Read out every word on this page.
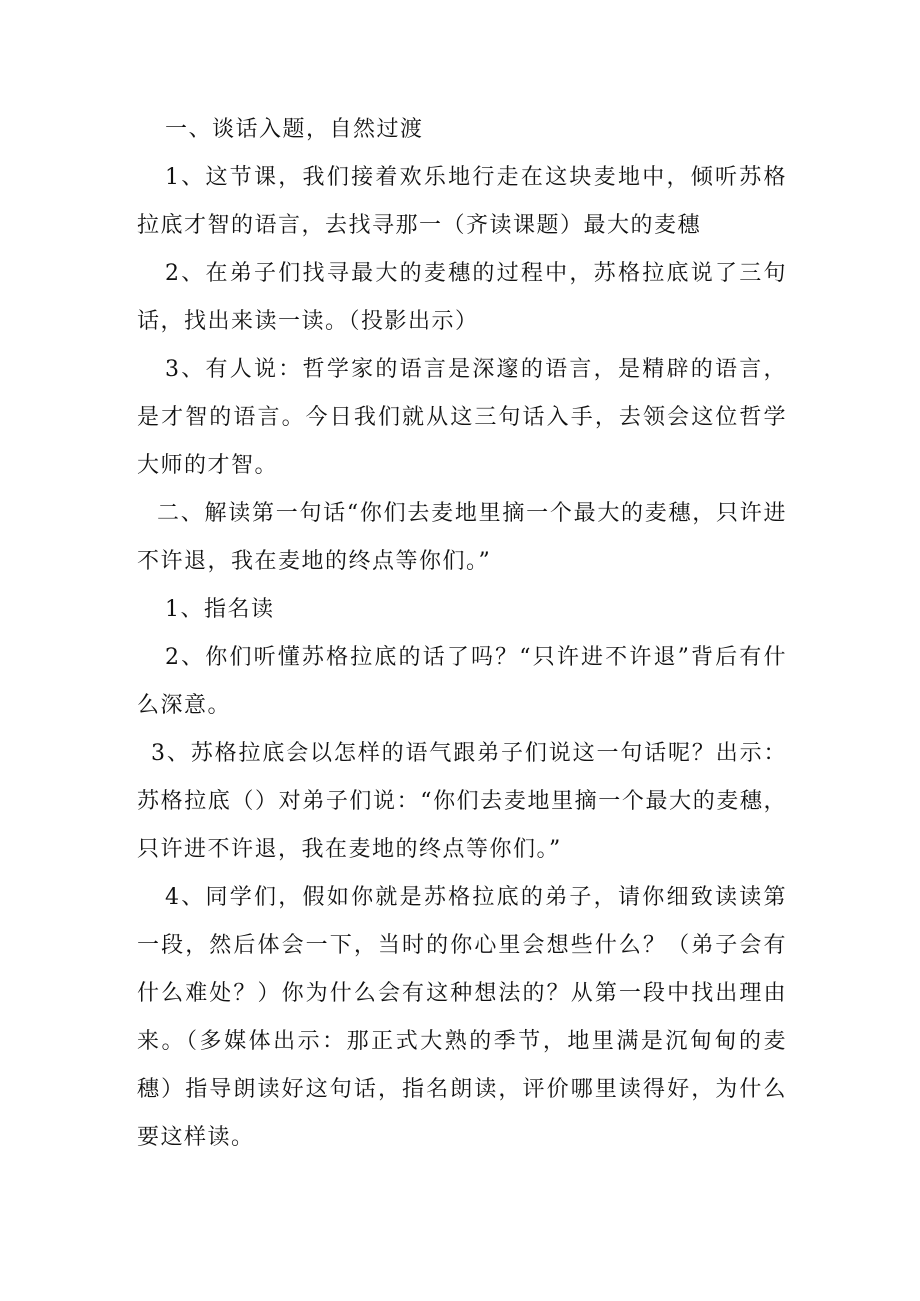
一、谈话入题，自然过渡

1、这节课，我们接着欢乐地行走在这块麦地中，倾听苏格拉底才智的语言，去找寻那一（齐读课题）最大的麦穗

2、在弟子们找寻最大的麦穗的过程中，苏格拉底说了三句话，找出来读一读。（投影出示）

3、有人说：哲学家的语言是深邃的语言，是精辟的语言，是才智的语言。今日我们就从这三句话入手，去领会这位哲学大师的才智。

二、解读第一句话“你们去麦地里摘一个最大的麦穗，只许进不许退，我在麦地的终点等你们。”

1、指名读

2、你们听懂苏格拉底的话了吗？“只许进不许退”背后有什么深意。

3、苏格拉底会以怎样的语气跟弟子们说这一句话呢？出示：苏格拉底（）对弟子们说：“你们去麦地里摘一个最大的麦穗，只许进不许退，我在麦地的终点等你们。”

4、同学们，假如你就是苏格拉底的弟子，请你细致读读第一段，然后体会一下，当时的你心里会想些什么？（弟子会有什么难处？）你为什么会有这种想法的？从第一段中找出理由来。（多媒体出示：那正式大熟的季节，地里满是沉甸甸的麦穗）指导朗读好这句话，指名朗读，评价哪里读得好，为什么要这样读。
